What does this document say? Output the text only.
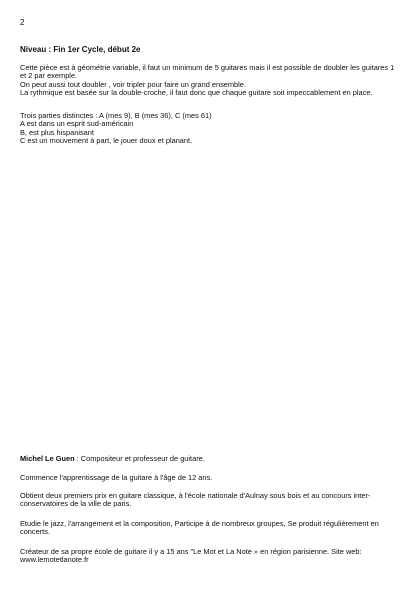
2
Niveau : Fin 1er Cycle, début 2e

Cette pièce est à géométrie variable, il faut un minimum de 5 guitares mais il est possible de doubler les guitares 1 et 2 par exemple.

On peut aussi tout doubler , voir tripler pour faire un grand ensemble.

La rythmique est basée sur la double-croche, il faut donc que chaque guitare soit impeccablement en place.

Trois parties distinctes : A (mes 9), B (mes 36), C (mes 61)

A est dans un esprit sud-américain

B, est plus hispanisant

C est un mouvement à part, le jouer doux et planant.

Michel Le Guen : Compositeur et professeur de guitare.

Commence l'apprentissage de la guitare à l'âge de 12 ans.

Obtient deux premiers prix en guitare classique, à l'école nationale d'Aulnay sous bois et au concours inter-conservatoires de la ville de paris.

Etudie le jazz, l'arrangement et la composition, Participe à de nombreux groupes, Se produit régulièrement en concerts.

Créateur de sa propre école de guitare il y a 15 ans "Le Mot et La Note » en région parisienne. Site web: www.lemotetlanote.fr
